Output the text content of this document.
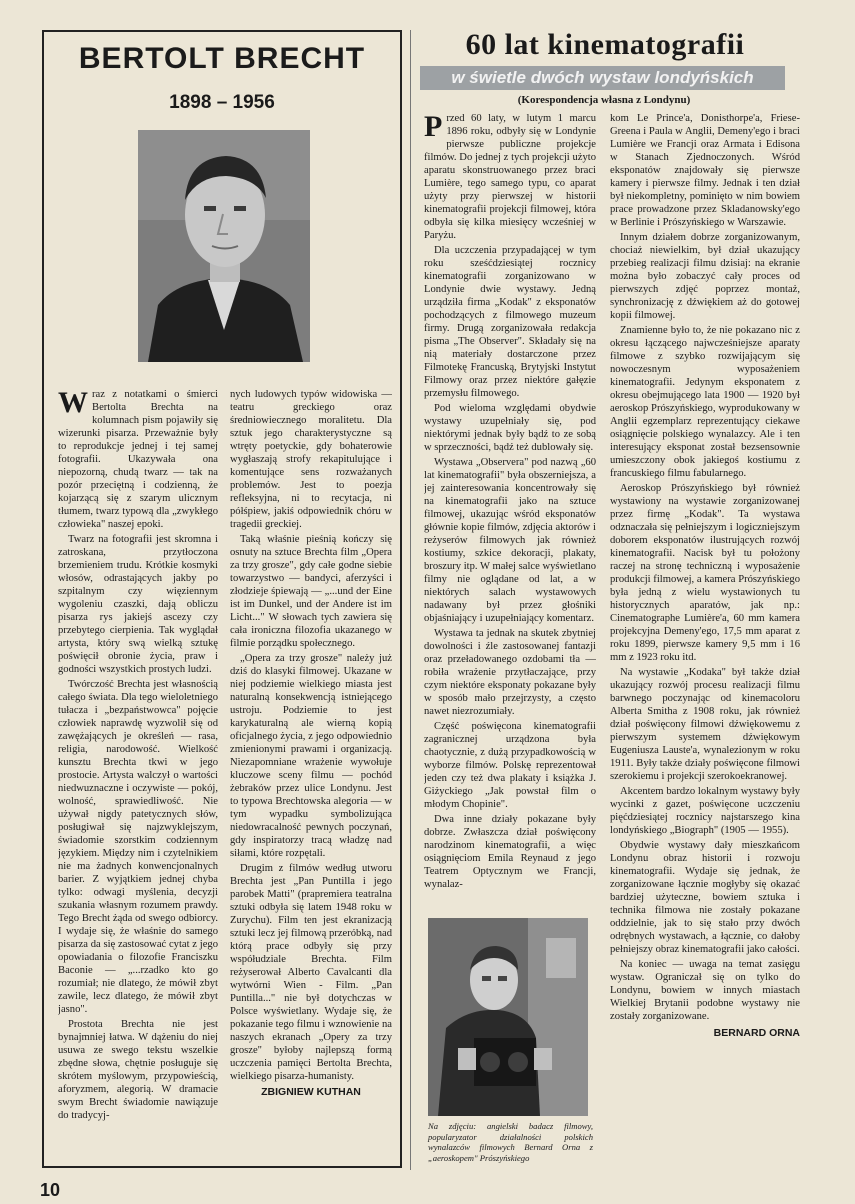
BERTOLT BRECHT
1898 – 1956

Wraz z notatkami o śmierci Bertolta Brechta na kolumnach pism pojawiły się wizerunki pisarza. Przeważnie były to reprodukcje jednej i tej samej fotografii. Ukazywała ona niepozorną, chudą twarz — tak na pozór przeciętną i codzienną, że kojarzącą się z szarym ulicznym tłumem, twarz typową dla „zwykłego człowieka" naszej epoki.

Twarz na fotografii jest skromna i zatroskana, przytłoczona brzemieniem trudu. Krótkie kosmyki włosów, odrastających jakby po szpitalnym czy więziennym wygoleniu czaszki, dają obliczu pisarza rys jakiejś ascezy czy przebytego cierpienia. Tak wyglądał artysta, który swą wielką sztukę poświęcił obronie życia, praw i godności wszystkich prostych ludzi.

Twórczość Brechta jest własnością całego świata. Dla tego wieloletniego tułacza i „bezpaństwowca" pojęcie człowiek naprawdę wyzwolił się od zawężających je określeń — rasa, religia, narodowość. Wielkość kunsztu Brechta tkwi w jego prostocie. Artysta walczył o wartości niedwuznaczne i oczywiste — pokój, wolność, sprawiedliwość. Nie używał nigdy patetycznych słów, posługiwał się najzwyklejszym, świadomie szorstkim codziennym językiem. Między nim i czytelnikiem nie ma żadnych konwencjonalnych barier. Z wyjątkiem jednej chyba tylko: odwagi myślenia, decyzji szukania własnym rozumem prawdy. Tego Brecht żąda od swego odbiorcy. I wydaje się, że właśnie do samego pisarza da się zastosować cytat z jego opowiadania o filozofie Franciszku Baconie — „...rzadko kto go rozumiał; nie dlatego, że mówił zbyt zawile, lecz dlatego, że mówił zbyt jasno".

Prostota Brechta nie jest bynajmniej łatwa. W dążeniu do niej usuwa ze swego tekstu wszelkie zbędne słowa, chętnie posługuje się skrótem myślowym, przypowieścią, aforyzmem, alegorią. W dramacie swym Brecht świadomie nawiązuje do tradycyj-

nych ludowych typów widowiska — teatru greckiego oraz średniowiecznego moralitetu. Dla sztuk jego charakterystyczne są wtręty poetyckie, gdy bohaterowie wygłaszają strofy rekapitulujące i komentujące sens rozważanych problemów. Jest to poezja refleksyjna, ni to recytacja, ni półśpiew, jakiś odpowiednik chóru w tragedii greckiej.

Taką właśnie pieśnią kończy się osnuty na sztuce Brechta film „Opera za trzy grosze", gdy całe godne siebie towarzystwo — bandyci, aferzyści i złodzieje śpiewają — „...und der Eine ist im Dunkel, und der Andere ist im Licht..." W słowach tych zawiera się cała ironiczna filozofia ukazanego w filmie porządku społecznego.

„Opera za trzy grosze" należy już dziś do klasyki filmowej. Ukazane w niej podziemie wielkiego miasta jest naturalną konsekwencją istniejącego ustroju. Podziemie to jest karykaturalną ale wierną kopią oficjalnego życia, z jego odpowiednio zmienionymi prawami i organizacją. Niezapomniane wrażenie wywołuje kluczowe sceny filmu — pochód żebraków przez ulice Londynu. Jest to typowa Brechtowska alegoria — w tym wypadku symbolizująca niedowracalność pewnych poczynań, gdy inspiratorzy tracą władzę nad siłami, które rozpętali.

Drugim z filmów według utworu Brechta jest „Pan Puntilla i jego parobek Matti" (prapremiera teatralna sztuki odbyła się latem 1948 roku w Zurychu). Film ten jest ekranizacją sztuki lecz jej filmową przeróbką, nad którą prace odbyły się przy współudziale Brechta. Film reżyserował Alberto Cavalcanti dla wytwórni Wien - Film. „Pan Puntilla..." nie był dotychczas w Polsce wyświetlany. Wydaje się, że pokazanie tego filmu i wznowienie na naszych ekranach „Opery za trzy grosze" byłoby najlepszą formą uczczenia pamięci Bertolta Brechta, wielkiego pisarza-humanisty.

ZBIGNIEW KUTHAN
60 lat kinematografii
w świetle dwóch wystaw londyńskich
(Korespondencja własna z Londynu)

Przed 60 laty, w lutym 1 marcu 1896 roku, odbyły się w Londynie pierwsze publiczne projekcje filmów. Do jednej z tych projekcji użyto aparatu skonstruowanego przez braci Lumière, tego samego typu, co aparat użyty przy pierwszej w historii kinematografii projekcji filmowej, która odbyła się kilka miesięcy wcześniej w Paryżu.

Dla uczczenia przypadającej w tym roku sześćdziesiątej rocznicy kinematografii zorganizowano w Londynie dwie wystawy. Jedną urządziła firma „Kodak" z eksponatów pochodzących z filmowego muzeum firmy. Drugą zorganizowała redakcja pisma „The Observer". Składały się na nią materiały dostarczone przez Filmotekę Francuską, Brytyjski Instytut Filmowy oraz przez niektóre gałęzie przemysłu filmowego.

Pod wieloma względami obydwie wystawy uzupełniały się, pod niektórymi jednak były bądź to ze sobą w sprzeczności, bądź też dublowały się.

Wystawa „Observera" pod nazwą „60 lat kinematografii" była obszerniejsza, a jej zainteresowania koncentrowały się na kinematografii jako na sztuce filmowej, ukazując wśród eksponatów głównie kopie filmów, zdjęcia aktorów i reżyserów filmowych jak również kostiumy, szkice dekoracji, plakaty, broszury itp. W małej salce wyświetlano filmy nie oglądane od lat, a w niektórych salach wystawowych nadawany był przez głośniki objaśniający i uzupełniający komentarz.

Wystawa ta jednak na skutek zbytniej dowolności i źle zastosowanej fantazji oraz przeładowanego ozdobami tła — robiła wrażenie przytłaczające, przy czym niektóre eksponaty pokazane były w sposób mało przejrzysty, a często nawet niezrozumiały.

Część poświęcona kinematografii zagranicznej urządzona była chaotycznie, z dużą przypadkowością w wyborze filmów. Polskę reprezentował jeden czy też dwa plakaty i książka J. Giżyckiego „Jak powstał film o młodym Chopinie".

Dwa inne działy pokazane były dobrze. Zwłaszcza dział poświęcony narodzinom kinematografii, a więc osiągnięciom Emila Reynaud z jego Teatrem Optycznym we Francji, wynalaz-

kom Le Prince'a, Donisthorpe'a, Friese-Greena i Paula w Anglii, Demeny'ego i braci Lumière we Francji oraz Armata i Edisona w Stanach Zjednoczonych. Wśród eksponatów znajdowały się pierwsze kamery i pierwsze filmy. Jednak i ten dział był niekompletny, pominięto w nim bowiem prace prowadzone przez Skladanowsky'ego w Berlinie i Prószyńskiego w Warszawie.

Innym działem dobrze zorganizowanym, chociaż niewielkim, był dział ukazujący przebieg realizacji filmu dzisiaj: na ekranie można było zobaczyć cały proces od pierwszych zdjęć poprzez montaż, synchronizację z dźwiękiem aż do gotowej kopii filmowej.

Znamienne było to, że nie pokazano nic z okresu łączącego najwcześniejsze aparaty filmowe z szybko rozwijającym się nowoczesnym wyposażeniem kinematografii. Jedynym eksponatem z okresu obejmującego lata 1900 — 1920 był aeroskop Prószyńskiego, wyprodukowany w Anglii egzemplarz reprezentujący ciekawe osiągnięcie polskiego wynalazcy. Ale i ten interesujący eksponat został bezsensownie umieszczony obok jakiegoś kostiumu z francuskiego filmu fabularnego.

Aeroskop Prószyńskiego był również wystawiony na wystawie zorganizowanej przez firmę „Kodak". Ta wystawa odznaczała się pełniejszym i logiczniejszym doborem eksponatów ilustrujących rozwój kinematografii. Nacisk był tu położony raczej na stronę techniczną i wyposażenie produkcji filmowej, a kamera Prószyńskiego była jedną z wielu wystawionych tu historycznych aparatów, jak np.: Cinematographe Lumière'a, 60 mm kamera projekcyjna Demeny'ego, 17,5 mm aparat z roku 1899, pierwsze kamery 9,5 mm i 16 mm z 1923 roku itd.

Na wystawie „Kodaka" był także dział ukazujący rozwój procesu realizacji filmu barwnego poczynając od kinemacoloru Alberta Smitha z 1908 roku, jak również dział poświęcony filmowi dźwiękowemu z pierwszym systemem dźwiękowym Eugeniusza Lauste'a, wynalezionym w roku 1911. Były także działy poświęcone filmowi szerokiemu i projekcji szerokoekranowej.

Akcentem bardzo lokalnym wystawy były wycinki z gazet, poświęcone uczczeniu pięćdziesiątej rocznicy najstarszego kina londyńskiego „Biograph" (1905 — 1955).

Obydwie wystawy dały mieszkańcom Londynu obraz historii i rozwoju kinematografii. Wydaje się jednak, że zorganizowane łącznie mogłyby się okazać bardziej użyteczne, bowiem sztuka i technika filmowa nie zostały pokazane oddzielnie, jak to się stało przy dwóch odrębnych wystawach, a łącznie, co dałoby pełniejszy obraz kinematografii jako całości.

Na koniec — uwaga na temat zasięgu wystaw. Ograniczał się on tylko do Londynu, bowiem w innych miastach Wielkiej Brytanii podobne wystawy nie zostały zorganizowane.

BERNARD ORNA
Na zdjęciu: angielski badacz filmowy, popularyzator działalności polskich wynalazców filmowych Bernard Orna z „aeroskopem" Prószyńskiego
10
